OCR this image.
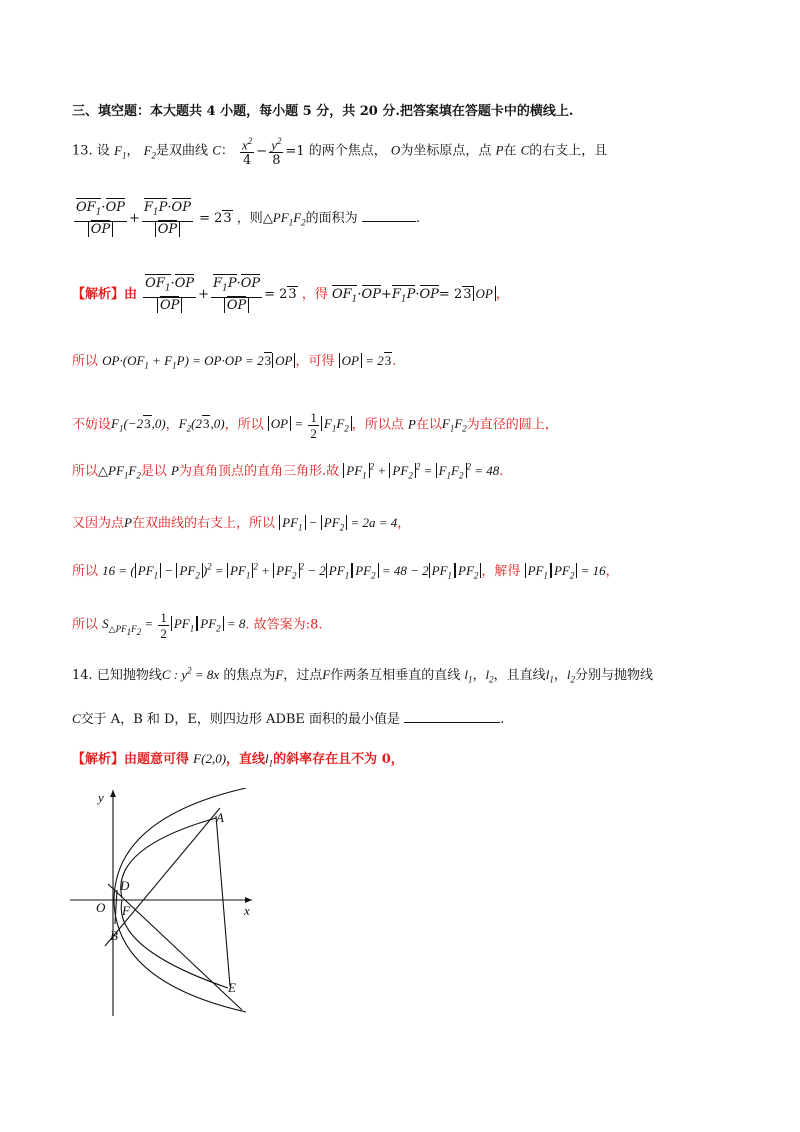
三、填空题：本大题共 4 小题，每小题 5 分，共 20 分.把答案填在答题卡中的横线上.
13. 设 $F_1$， $F_2$是双曲线 C： $\frac{x^2}{4} - \frac{y^2}{8} =1$ 的两个焦点， O为坐标原点，点 P在 C的右支上，且
$\frac{OF_1\cdot OP}{OP} + \frac{F_1P\cdot OP}{OP} = 23$ ，则$\triangle PF_1F_2$的面积为	.
【解析】由 $\frac{OF_1\cdot OP}{OP} + \frac{F_1P\cdot OP}{OP} = 23$ ，得 $OF_1\cdot OP+F_1P\cdot OP= 23$ OP ，
所以 $OP\cdot(OF_1 + F_1P) = OP\cdot OP = 23$ OP ，可得 OP = 23.
不妨设$F_1(-23,0)$，$F_2(23,0)$，所以 OP = $\frac{1}{2} F_1F_2$ ，所以点 P在以$F_1F_2$为直径的圆上，
所以$\triangle PF_1F_2$是以 P为直角顶点的直角三角形.故 $PF_1^2 + PF_2^2 = F_1F_2^2 = 48$.
又因为点P在双曲线的右支上，所以 $PF_1 - PF_2 = 2a = 4$，
所以 16 = ( $PF_1 - PF_2$ )$^2 = PF_1^2 + PF_2^2 - 2$ $PF_1$ $PF_2 = 48 - 2$ $PF_1$ $PF_2$ ，解得 $PF_1$ $PF_2 = 16$，
所以 $S_{\triangle PF_1F_2} = \frac{1}{2} PF_1$ $PF_2 = 8$. 故答案为:8.
14. 已知抛物线C : $y^2 = 8x$ 的焦点为F，过点F作两条互相垂直的直线 $l_1$，$l_2$，且直线$l_1$，$l_2$分别与抛物线
C交于 A，B 和 D，E，则四边形 ADBE 面积的最小值是	.
【解析】由题意可得 F(2,0)，直线$l_1$的斜率存在且不为 0，
x
y
A
D
O F
B
E
